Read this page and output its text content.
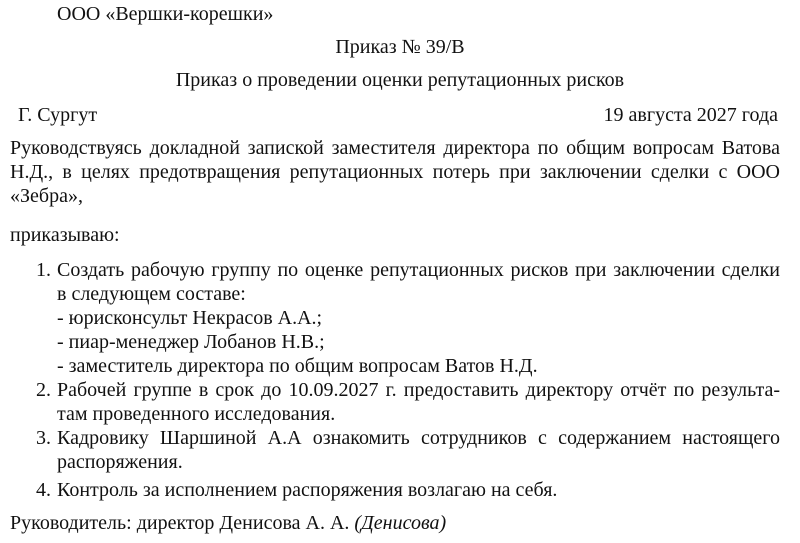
ООО «Вершки-корешки»
Приказ № 39/В
Приказ о проведении оценки репутационных рисков
Г. Сургут	19 августа 2027 года
Руководствуясь докладной запиской заместителя директора по общим вопросам Ватова
Н.Д., в целях предотвращения репутационных потерь при заключении сделки с ООО
«Зебра»,
приказываю:
1. Создать рабочую группу по оценке репутационных рисков при заключении сделки
в следующем составе:
- юрисконсульт Некрасов А.А.;
- пиар-менеджер Лобанов Н.В.;
- заместитель директора по общим вопросам Ватов Н.Д.
2. Рабочей группе в срок до 10.09.2027 г. предоставить директору отчёт по результа-
там проведенного исследования.
3. Кадровику Шаршиной А.А ознакомить сотрудников с содержанием настоящего
распоряжения.
4. Контроль за исполнением распоряжения возлагаю на себя.
Руководитель: директор Денисова А. А. (Денисова)
